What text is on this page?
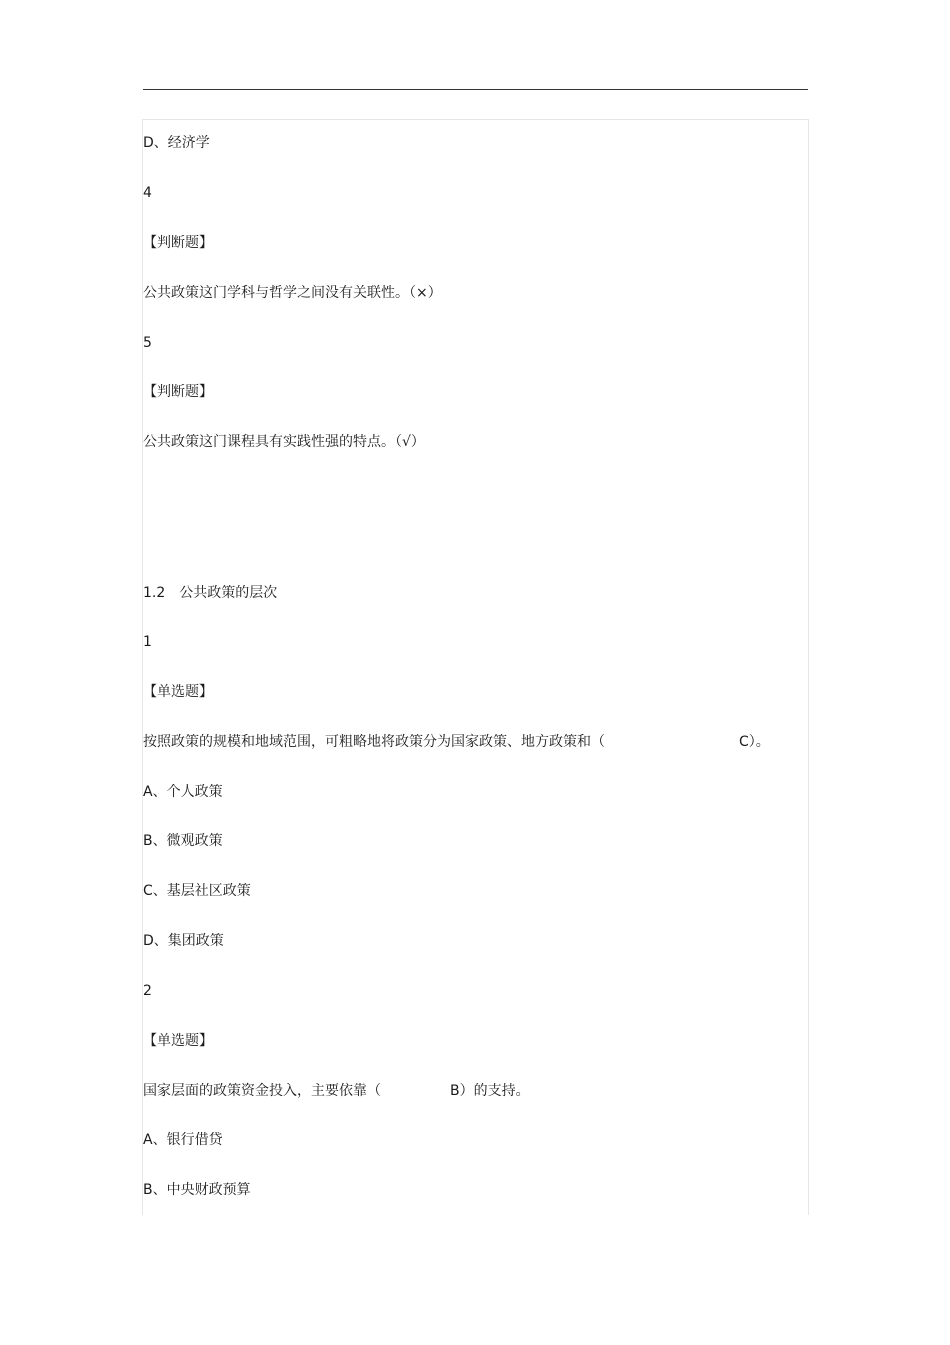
D、经济学
4
【判断题】
公共政策这门学科与哲学之间没有关联性。（×）
5
【判断题】
公共政策这门课程具有实践性强的特点。（√）
1.2　公共政策的层次
1
【单选题】
按照政策的规模和地域范围，可粗略地将政策分为国家政策、地方政策和（	C）。
A、个人政策
B、微观政策
C、基层社区政策
D、集团政策
2
【单选题】
国家层面的政策资金投入，主要依靠（	B）的支持。
A、银行借贷
B、中央财政预算
